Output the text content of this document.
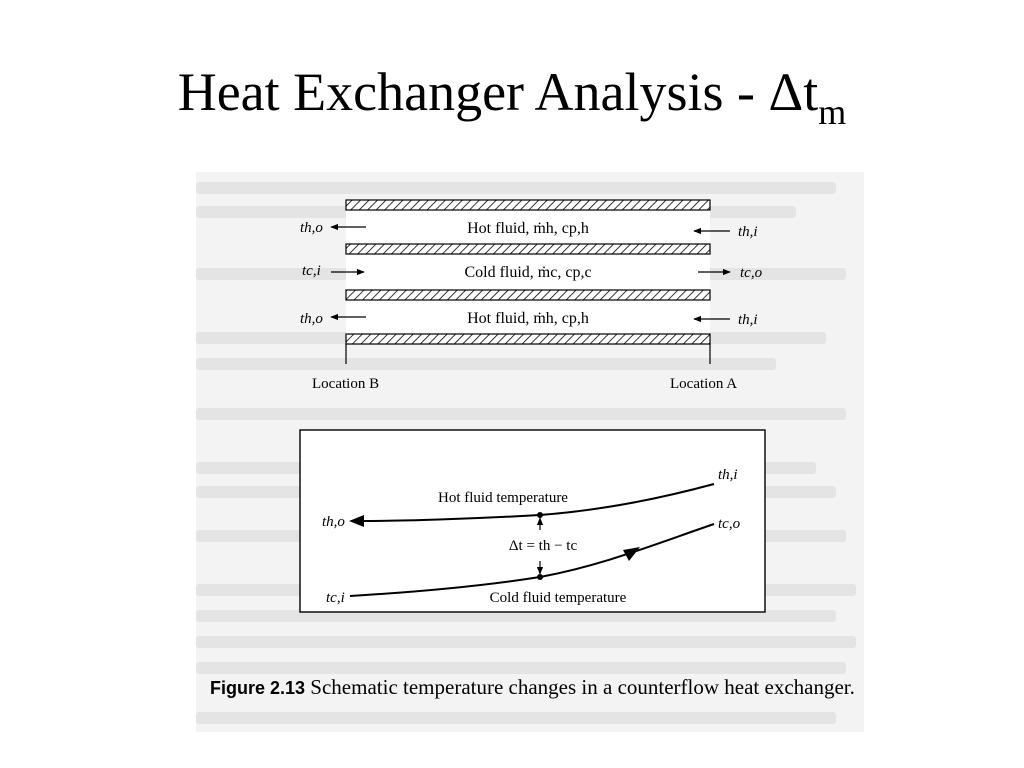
Heat Exchanger Analysis - $\Delta t_m$
th,o	Hot fluid, ṁh, cp,h	th,i
tc,i	Cold fluid, ṁc, cp,c	tc,o
th,o	Hot fluid, ṁh, cp,h	th,i
Location B	Location A
Hot fluid temperature
Cold fluid temperature
Δt = th − tc
th,i
th,o	tc,o
tc,i
Figure 2.13 Schematic temperature changes in a counterflow heat exchanger.
